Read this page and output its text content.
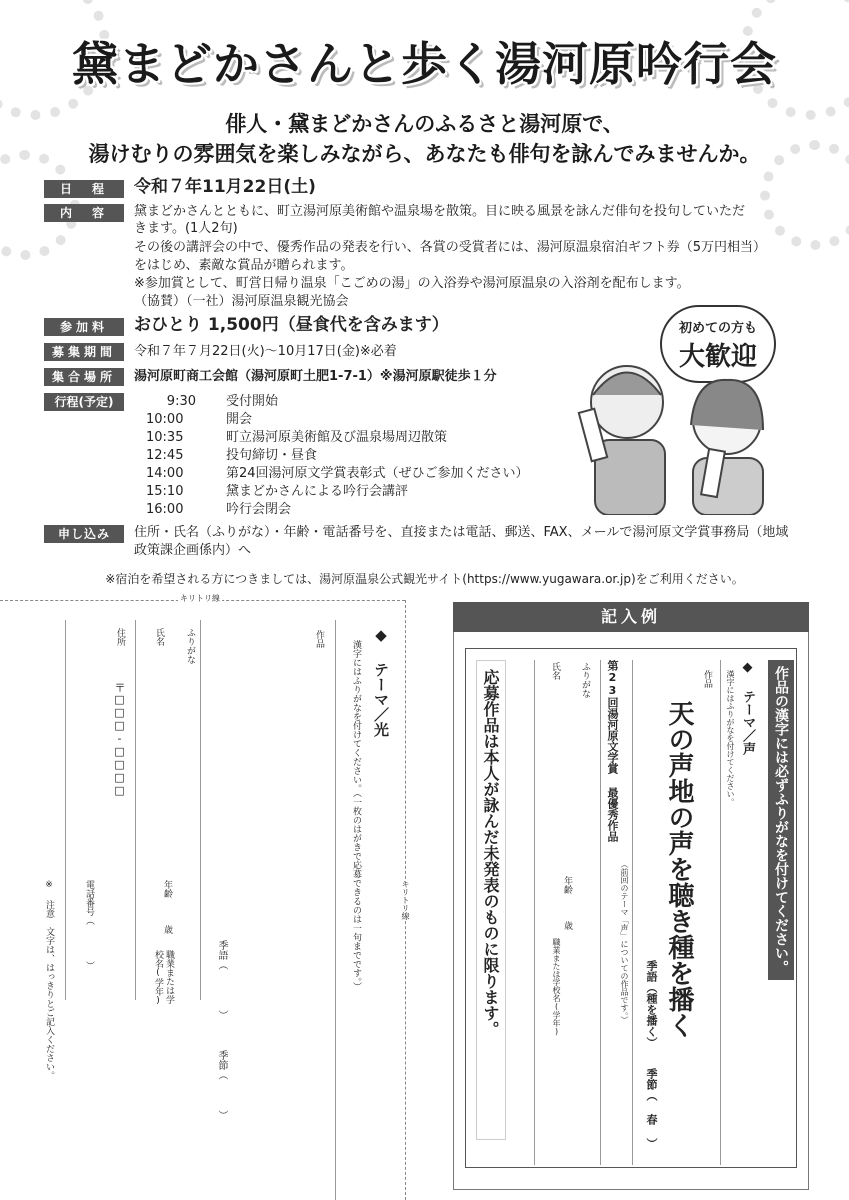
黛まどかさんと歩く湯河原吟行会
俳人・黛まどかさんのふるさと湯河原で、
湯けむりの雰囲気を楽しみながら、あなたも俳句を詠んでみませんか。
日　程	令和７年11月22日(土)
内　容	黛まどかさんとともに、町立湯河原美術館や温泉場を散策。目に映る風景を詠んだ俳句を投句していただ
きます。(1人2句)
その後の講評会の中で、優秀作品の発表を行い、各賞の受賞者には、湯河原温泉宿泊ギフト券（5万円相当）
をはじめ、素敵な賞品が贈られます。
※参加賞として、町営日帰り温泉「こごめの湯」の入浴券や湯河原温泉の入浴剤を配布します。
（協賛）（一社）湯河原温泉観光協会
参加料	おひとり 1,500円（昼食代を含みます）
募集期間	令和７年７月22日(火)～10月17日(金)※必着
集合場所	湯河原町商工会館（湯河原町土肥1-7-1）※湯河原駅徒歩１分
行程(予定)	9:30 受付開始
10:00	開会
10:35	町立湯河原美術館及び温泉場周辺散策
12:45	投句締切・昼食
14:00	第24回湯河原文学賞表彰式（ぜひご参加ください）
15:10	黛まどかさんによる吟行会講評
16:00	吟行会閉会
申し込み	住所・氏名（ふりがな）・年齢・電話番号を、直接または電話、郵送、FAX、メールで湯河原文学賞事務局（地域
政策課企画係内）へ
初めての方も
大歓迎
※宿泊を希望される方につきましては、湯河原温泉公式観光サイト(https://www.yugawara.or.jp)をご利用ください。
キリトリ線
キリトリ線
◆ テーマ／光
漢字にはふりがなを付けてください。（一枚のはがきで応募できるのは一句までです。）
作品
季語（　　　　）
季節（　　　）
ふりがな
氏名
年齢　　　歳
職業または学校名(学年)
住所
〒□□□-□□□□
電話番号（　　　　）
※ 注意　文字は、はっきりとご記入ください。
記入例
作品の漢字には必ずふりがなを付けてください。
◆ テーマ／声
漢字にはふりがなを付けてください。
作品
天の声地の声を聴き種を播く
季語（種を播く）
季節（ 春 ）
第23回湯河原文学賞 最優秀作品
（前回のテーマ「声」についての作品です。）
ふりがな
氏名
年齢　　　歳
職業または学校名(学年)
応募作品は本人が詠んだ未発表のものに限ります。
